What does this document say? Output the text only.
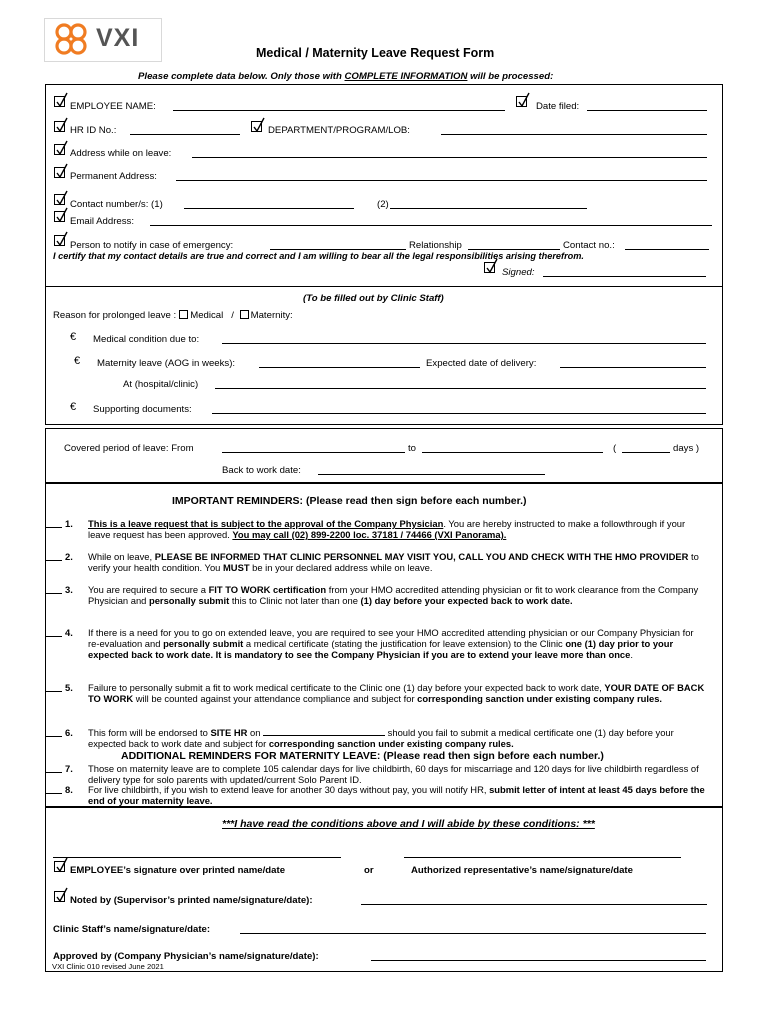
VXI
Medical / Maternity Leave Request Form
Please complete data below. Only those with COMPLETE INFORMATION will be processed:
EMPLOYEE NAME:	Date filed:
HR ID No.:	DEPARTMENT/PROGRAM/LOB:
Address while on leave:
Permanent Address:
Contact number/s: (1)	(2)
Email Address:
Person to notify in case of emergency:	Relationship	Contact no.:
I certify that my contact details are true and correct and I am willing to bear all the legal responsibilities arising therefrom.
Signed:
(To be filled out by Clinic Staff)
Reason for prolonged leave : Medical / Maternity:
€ Medical condition due to:
€ Maternity leave (AOG in weeks):	Expected date of delivery:
At (hospital/clinic)
€ Supporting documents:
Covered period of leave: From	to	(	days )
Back to work date:
IMPORTANT REMINDERS: (Please read then sign before each number.)
1. This is a leave request that is subject to the approval of the Company Physician. You are hereby instructed to make a followthrough if your leave request has been approved. You may call (02) 899-2200 loc. 37181 / 74466 (VXI Panorama).
2. While on leave, PLEASE BE INFORMED THAT CLINIC PERSONNEL MAY VISIT YOU, CALL YOU AND CHECK WITH THE HMO PROVIDER to verify your health condition. You MUST be in your declared address while on leave.
3. You are required to secure a FIT TO WORK certification from your HMO accredited attending physician or fit to work clearance from the Company Physician and personally submit this to Clinic not later than one (1) day before your expected back to work date.
4. If there is a need for you to go on extended leave, you are required to see your HMO accredited attending physician or our Company Physician for re-evaluation and personally submit a medical certificate (stating the justification for leave extension) to the Clinic one (1) day prior to your expected back to work date. It is mandatory to see the Company Physician if you are to extend your leave more than once.
5. Failure to personally submit a fit to work medical certificate to the Clinic one (1) day before your expected back to work date, YOUR DATE OF BACK TO WORK will be counted against your attendance compliance and subject for corresponding sanction under existing company rules.
6. This form will be endorsed to SITE HR on	should you fail to submit a medical certificate one (1) day before your expected back to work date and subject for corresponding sanction under existing company rules.
ADDITIONAL REMINDERS FOR MATERNITY LEAVE: (Please read then sign before each number.)
7. Those on maternity leave are to complete 105 calendar days for live childbirth, 60 days for miscarriage and 120 days for live childbirth regardless of delivery type for solo parents with updated/current Solo Parent ID.
8. For live childbirth, if you wish to extend leave for another 30 days without pay, you will notify HR, submit letter of intent at least 45 days before the end of your maternity leave.
***I have read the conditions above and I will abide by these conditions: ***
EMPLOYEE’s signature over printed name/date	or	Authorized representative’s name/signature/date
Noted by (Supervisor’s printed name/signature/date):
Clinic Staff’s name/signature/date:
Approved by (Company Physician’s name/signature/date):
VXI Clinic 010 revised June 2021
